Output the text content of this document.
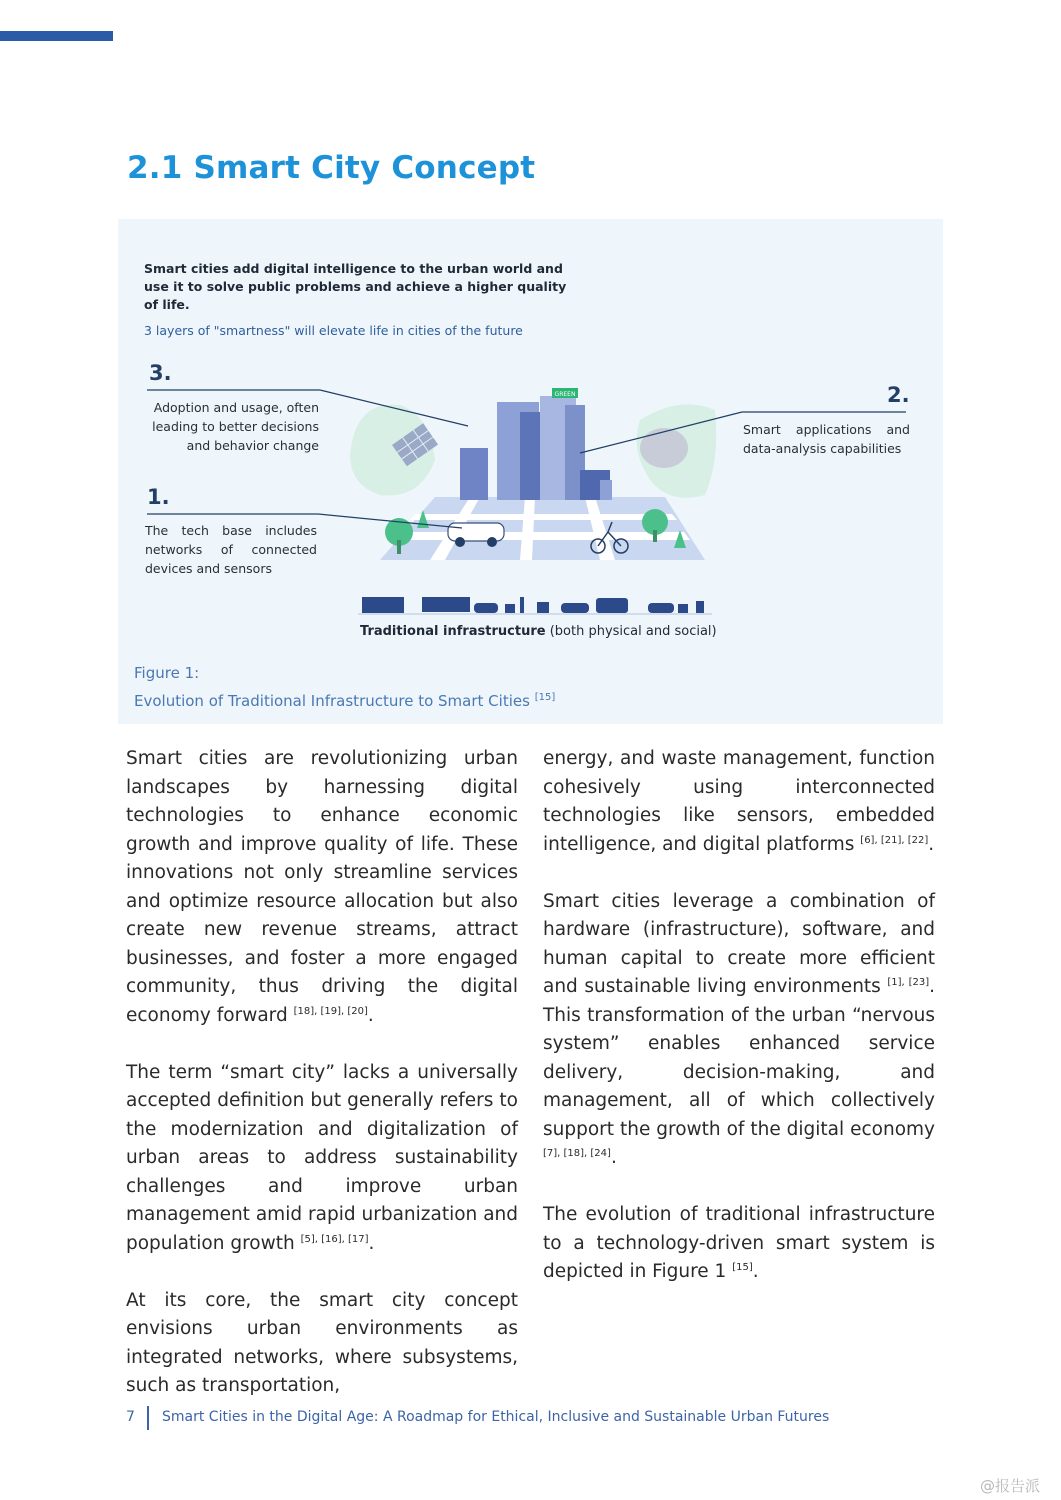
2.1 Smart City Concept
GREEN
Smart cities add digital intelligence to the urban world and use it to solve public problems and achieve a higher quality of life.
3 layers of "smartness" will elevate life in cities of the future
3.
Adoption and usage, often leading to better decisions and behavior change
2.
Smart applications and data-analysis capabilities
1.
The tech base includes networks of connected devices and sensors
Traditional infrastructure (both physical and social)
Figure 1:
Evolution of Traditional Infrastructure to Smart Cities [15]

Smart cities are revolutionizing urban landscapes by harnessing digital technologies to enhance economic growth and improve quality of life. These innovations not only streamline services and optimize resource allocation but also create new revenue streams, attract businesses, and foster a more engaged community, thus driving the digital economy forward [18], [19], [20].

The term “smart city” lacks a universally accepted definition but generally refers to the modernization and digitalization of urban areas to address sustainability challenges and improve urban management amid rapid urbanization and population growth [5], [16], [17].

At its core, the smart city concept envisions urban environments as integrated networks, where subsystems, such as transportation,

energy, and waste management, function cohesively using interconnected technologies like sensors, embedded intelligence, and digital platforms [6], [21], [22].

Smart cities leverage a combination of hardware (infrastructure), software, and human capital to create more efficient and sustainable living environments [1], [23]. This transformation of the urban “nervous system” enables enhanced service delivery, decision-making, and management, all of which collectively support the growth of the digital economy [7], [18], [24].

The evolution of traditional infrastructure to a technology-driven smart system is depicted in Figure 1 [15].

7 Smart Cities in the Digital Age: A Roadmap for Ethical, Inclusive and Sustainable Urban Futures
@报告派
